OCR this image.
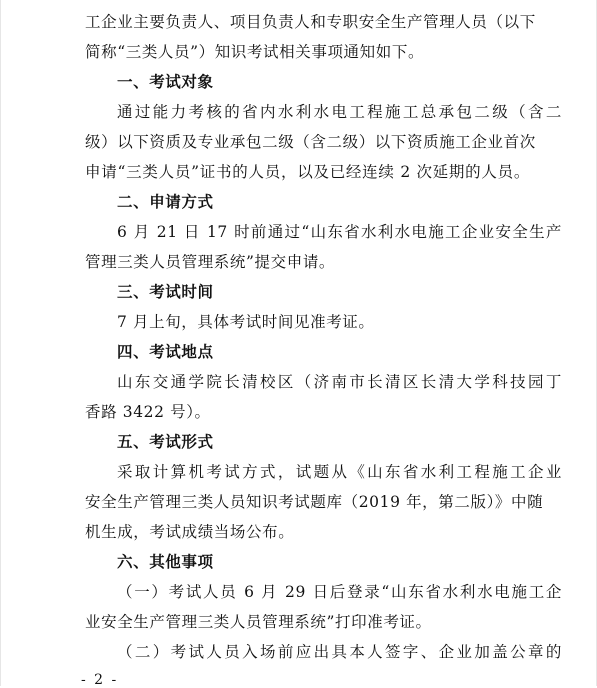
工企业主要负责人、项目负责人和专职安全生产管理人员（以下
简称“三类人员”）知识考试相关事项通知如下。
一、考试对象
通过能力考核的省内水利水电工程施工总承包二级（含二
级）以下资质及专业承包二级（含二级）以下资质施工企业首次
申请“三类人员”证书的人员，以及已经连续 2 次延期的人员。
二、申请方式
6 月 21 日 17 时前通过“山东省水利水电施工企业安全生产
管理三类人员管理系统”提交申请。
三、考试时间
7 月上旬，具体考试时间见准考证。
四、考试地点
山东交通学院长清校区（济南市长清区长清大学科技园丁
香路 3422 号）。
五、考试形式
采取计算机考试方式，试题从《山东省水利工程施工企业
安全生产管理三类人员知识考试题库（2019 年，第二版）》中随
机生成，考试成绩当场公布。
六、其他事项
（一）考试人员 6 月 29 日后登录“山东省水利水电施工企
业安全生产管理三类人员管理系统”打印准考证。
（二）考试人员入场前应出具本人签字、企业加盖公章的
- 2 -
